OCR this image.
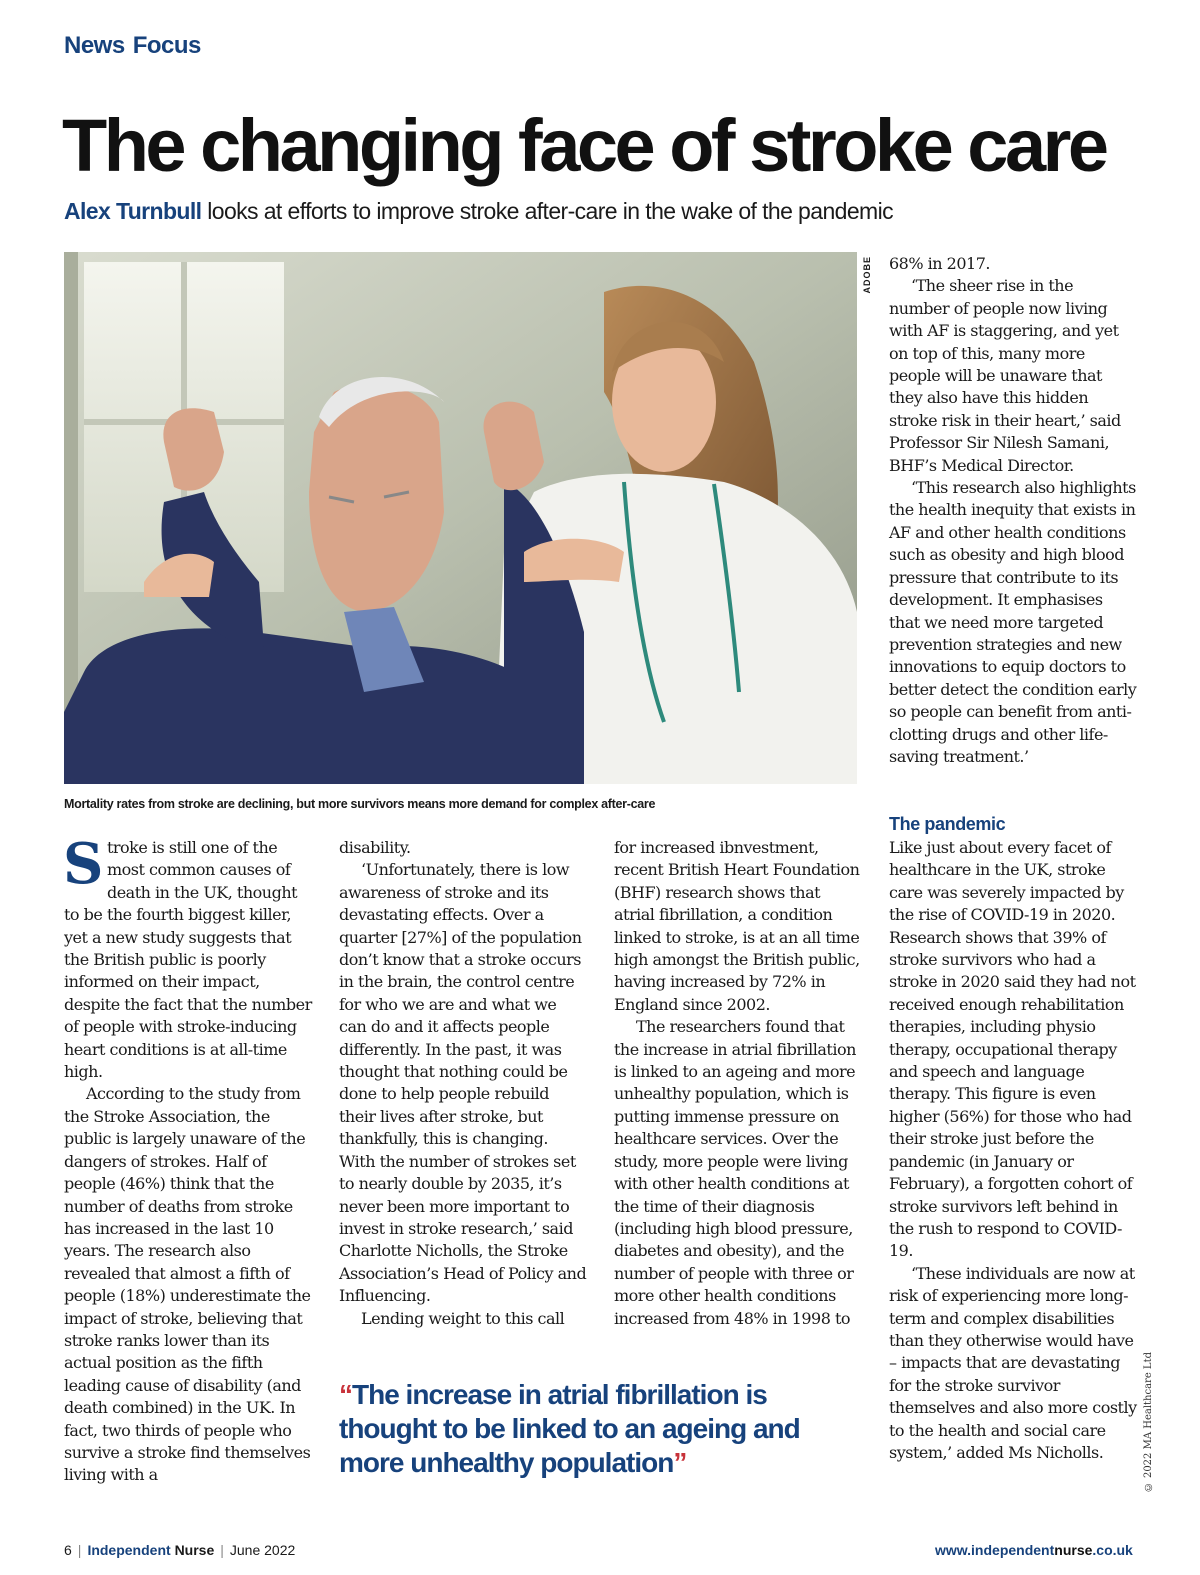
News Focus
The changing face of stroke care
Alex Turnbull looks at efforts to improve stroke after-care in the wake of the pandemic
ADOBE
Mortality rates from stroke are declining, but more survivors means more demand for complex after-care

Stroke is still one of the most common causes of death in the UK, thought to be the fourth biggest killer, yet a new study suggests that the British public is poorly informed on their impact, despite the fact that the number of people with stroke-inducing heart conditions is at all-time high.

According to the study from the Stroke Association, the public is largely unaware of the dangers of strokes. Half of people (46%) think that the number of deaths from stroke has increased in the last 10 years. The research also revealed that almost a fifth of people (18%) underestimate the impact of stroke, believing that stroke ranks lower than its actual position as the fifth leading cause of disability (and death combined) in the UK. In fact, two thirds of people who survive a stroke find themselves living with a

disability.

‘Unfortunately, there is low awareness of stroke and its devastating effects. Over a quarter [27%] of the population don’t know that a stroke occurs in the brain, the control centre for who we are and what we can do and it affects people differently. In the past, it was thought that nothing could be done to help people rebuild their lives after stroke, but thankfully, this is changing. With the number of strokes set to nearly double by 2035, it’s never been more important to invest in stroke research,’ said Charlotte Nicholls, the Stroke Association’s Head of Policy and Influencing.

Lending weight to this call

for increased ibnvestment, recent British Heart Foundation (BHF) research shows that atrial fibrillation, a condition linked to stroke, is at an all time high amongst the British public, having increased by 72% in England since 2002.

The researchers found that the increase in atrial fibrillation is linked to an ageing and more unhealthy population, which is putting immense pressure on healthcare services. Over the study, more people were living with other health conditions at the time of their diagnosis (including high blood pressure, diabetes and obesity), and the number of people with three or more other health conditions increased from 48% in 1998 to

68% in 2017.

‘The sheer rise in the number of people now living with AF is staggering, and yet on top of this, many more people will be unaware that they also have this hidden stroke risk in their heart,’ said Professor Sir Nilesh Samani, BHF’s Medical Director.

‘This research also highlights the health inequity that exists in AF and other health conditions such as obesity and high blood pressure that contribute to its development. It emphasises that we need more targeted prevention strategies and new innovations to equip doctors to better detect the condition early so people can benefit from anti-clotting drugs and other life-saving treatment.’

The pandemic

Like just about every facet of healthcare in the UK, stroke care was severely impacted by the rise of COVID-19 in 2020. Research shows that 39% of stroke survivors who had a stroke in 2020 said they had not received enough rehabilitation therapies, including physio therapy, occupational therapy and speech and language therapy. This figure is even higher (56%) for those who had their stroke just before the pandemic (in January or February), a forgotten cohort of stroke survivors left behind in the rush to respond to COVID-19.

‘These individuals are now at risk of experiencing more long-term and complex disabilities than they otherwise would have – impacts that are devastating for the stroke survivor themselves and also more costly to the health and social care system,’ added Ms Nicholls.

“The increase in atrial fibrillation is thought to be linked to an ageing and more unhealthy population”	© 2022 MA Healthcare Ltd
6 | Independent Nurse | June 2022	www.independentnurse.co.uk
